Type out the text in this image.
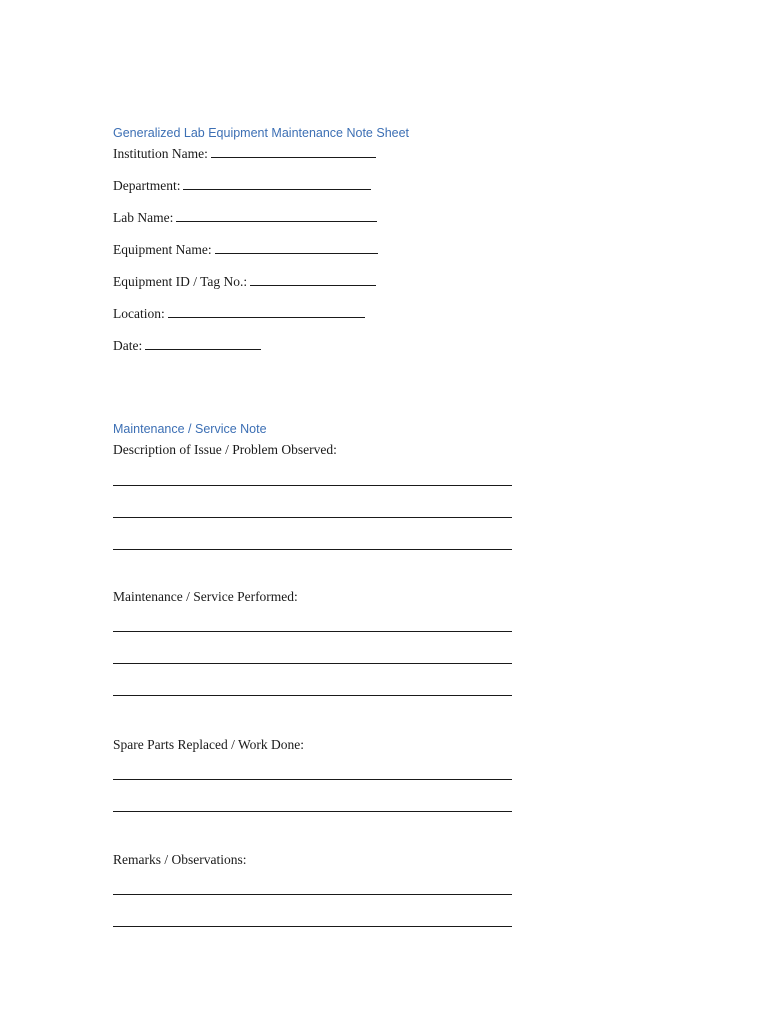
Generalized Lab Equipment Maintenance Note Sheet
Institution Name:
Department:
Lab Name:
Equipment Name:
Equipment ID / Tag No.:
Location:
Date:
Maintenance / Service Note
Description of Issue / Problem Observed:
Maintenance / Service Performed:
Spare Parts Replaced / Work Done:
Remarks / Observations:
